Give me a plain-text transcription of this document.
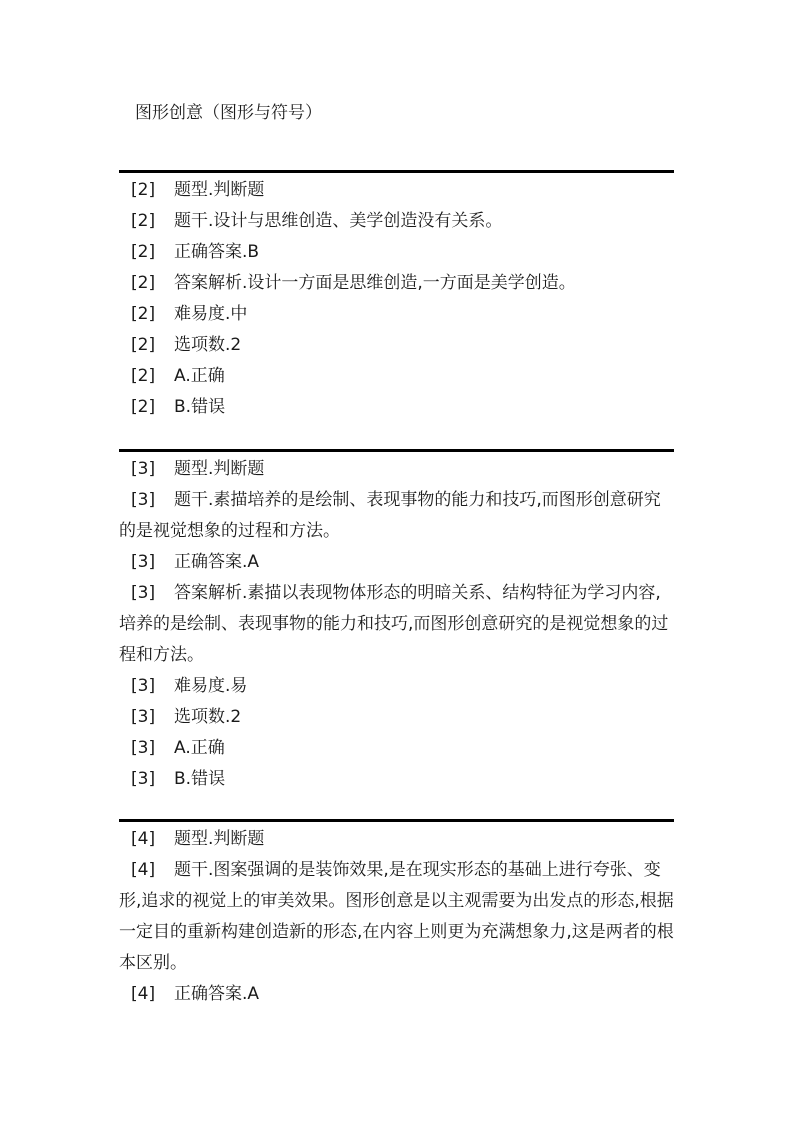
图形创意（图形与符号）
[2] 题型.判断题
[2] 题干.设计与思维创造、美学创造没有关系。
[2] 正确答案.B
[2] 答案解析.设计一方面是思维创造,一方面是美学创造。
[2] 难易度.中
[2] 选项数.2
[2] A.正确
[2] B.错误
[3] 题型.判断题
[3] 题干.素描培养的是绘制、表现事物的能力和技巧,而图形创意研究的是视觉想象的过程和方法。
[3] 正确答案.A
[3] 答案解析.素描以表现物体形态的明暗关系、结构特征为学习内容,培养的是绘制、表现事物的能力和技巧,而图形创意研究的是视觉想象的过程和方法。
[3] 难易度.易
[3] 选项数.2
[3] A.正确
[3] B.错误
[4] 题型.判断题
[4] 题干.图案强调的是装饰效果,是在现实形态的基础上进行夸张、变形,追求的视觉上的审美效果。图形创意是以主观需要为出发点的形态,根据一定目的重新构建创造新的形态,在内容上则更为充满想象力,这是两者的根本区别。
[4] 正确答案.A
